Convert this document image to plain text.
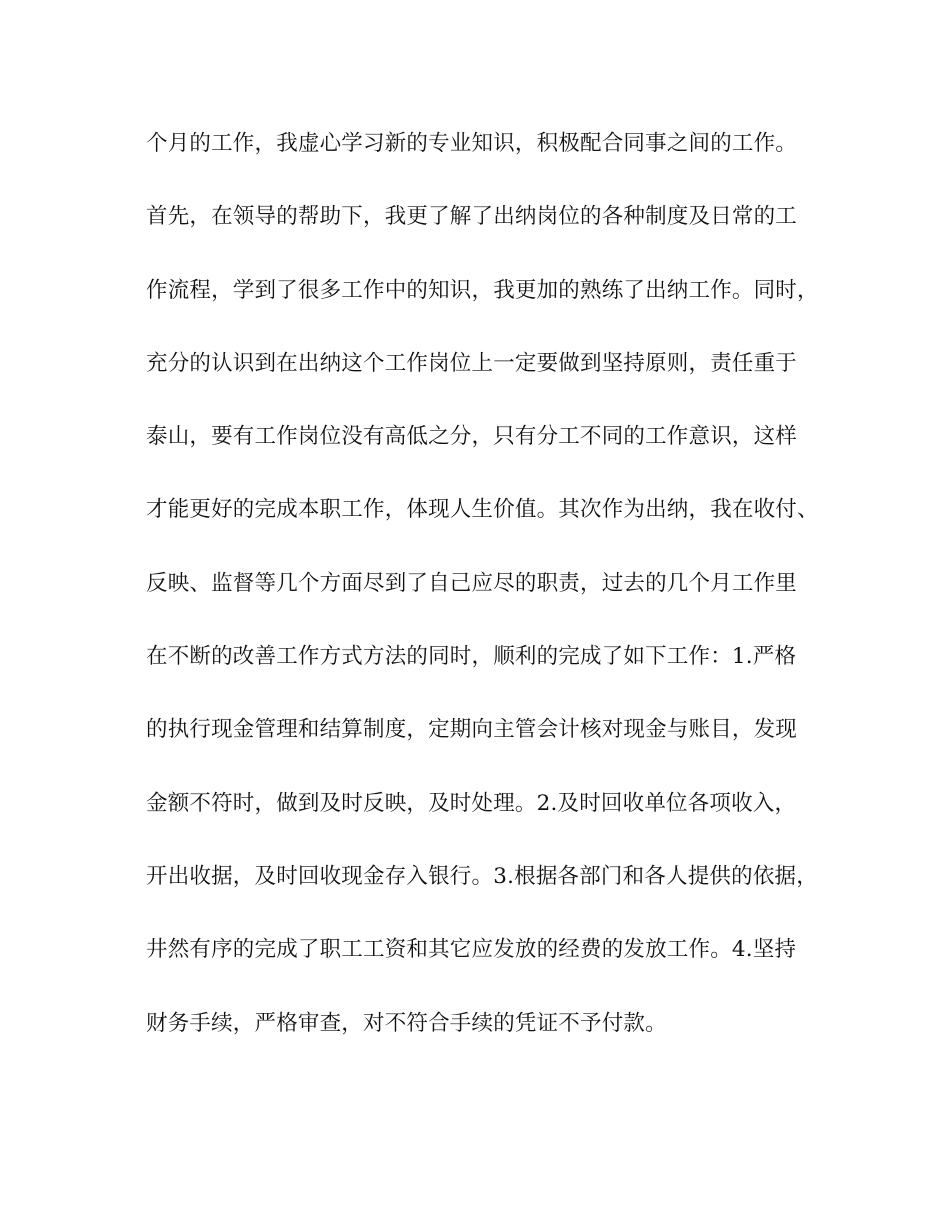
个月的工作，我虚心学习新的专业知识，积极配合同事之间的工作。
首先，在领导的帮助下，我更了解了出纳岗位的各种制度及日常的工
作流程，学到了很多工作中的知识，我更加的熟练了出纳工作。同时，
充分的认识到在出纳这个工作岗位上一定要做到坚持原则，责任重于
泰山，要有工作岗位没有高低之分，只有分工不同的工作意识，这样
才能更好的完成本职工作，体现人生价值。其次作为出纳，我在收付、
反映、监督等几个方面尽到了自己应尽的职责，过去的几个月工作里
在不断的改善工作方式方法的同时，顺利的完成了如下工作：1.严格
的执行现金管理和结算制度，定期向主管会计核对现金与账目，发现
金额不符时，做到及时反映，及时处理。2.及时回收单位各项收入，
开出收据，及时回收现金存入银行。3.根据各部门和各人提供的依据，
井然有序的完成了职工工资和其它应发放的经费的发放工作。4.坚持
财务手续，严格审查，对不符合手续的凭证不予付款。
